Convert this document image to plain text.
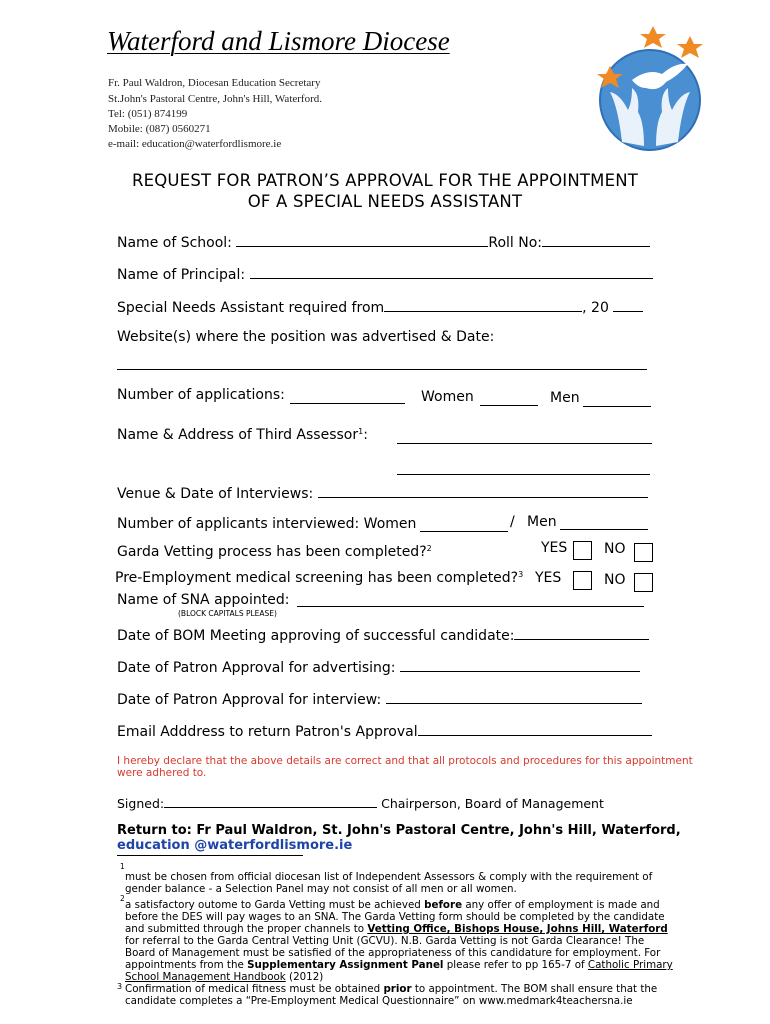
Waterford and Lismore Diocese
Fr. Paul Waldron, Diocesan Education Secretary
St.John's Pastoral Centre, John's Hill, Waterford.
Tel: (051) 874199
Mobile: (087) 0560271
e-mail: education@waterfordlismore.ie
REQUEST FOR PATRON’S APPROVAL FOR THE APPOINTMENT
OF A SPECIAL NEEDS ASSISTANT
Name of School:	Roll No:
Name of Principal:
Special Needs Assistant required from	, 20
Website(s) where the position was advertised & Date:
Number of applications:	Women	Men
Name & Address of Third Assessor$^1$:
Venue & Date of Interviews:
Number of applicants interviewed: Women	/ Men
Garda Vetting process has been completed?$^2$	YES	NO
Pre-Employment medical screening has been completed?$^3$ YES	NO
Name of SNA appointed:
(BLOCK CAPITALS PLEASE)
Date of BOM Meeting approving of successful candidate:
Date of Patron Approval for advertising:
Date of Patron Approval for interview:
Email Adddress to return Patron's Approval
I hereby declare that the above details are correct and that all protocols and procedures for this appointment
were adhered to.
Signed:	Chairperson, Board of Management
Return to: Fr Paul Waldron, St. John's Pastoral Centre, John's Hill, Waterford,
education @waterfordlismore.ie
1
must be chosen from official diocesan list of Independent Assessors & comply with the requirement of
gender balance - a Selection Panel may not consist of all men or all women.
2
a satisfactory outome to Garda Vetting must be achieved before any offer of employment is made and
before the DES will pay wages to an SNA. The Garda Vetting form should be completed by the candidate
and submitted through the proper channels to Vetting Office, Bishops House, Johns Hill, Waterford
for referral to the Garda Central Vetting Unit (GCVU). N.B. Garda Vetting is not Garda Clearance! The
Board of Management must be satisfied of the appropriateness of this candidature for employment. For
appointments from the Supplementary Assignment Panel please refer to pp 165-7 of Catholic Primary
School Management Handbook (2012)
3 Confirmation of medical fitness must be obtained prior to appointment. The BOM shall ensure that the
candidate completes a “Pre-Employment Medical Questionnaire” on www.medmark4teachersna.ie
